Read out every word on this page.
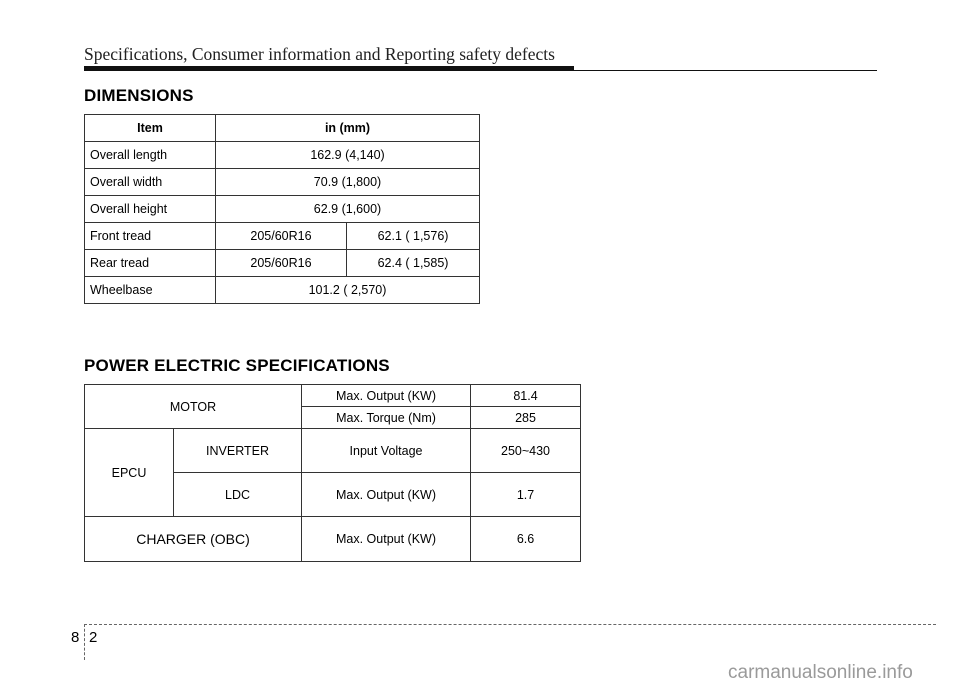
Specifications, Consumer information and Reporting safety defects
DIMENSIONS
Item	in (mm)	
Overall length	162.9 (4,140)	
Overall width	70.9 (1,800)	
Overall height	62.9 (1,600)	
Front tread	205/60R16	62.1 ( 1,576)
Rear tread	205/60R16	62.4 ( 1,585)
Wheelbase	101.2 ( 2,570)	
POWER ELECTRIC SPECIFICATIONS
MOTOR		Max. Output (KW)	81.4
		Max. Torque (Nm)	285
EPCU	INVERTER	Input Voltage	250~430
	LDC	Max. Output (KW)	1.7
CHARGER (OBC)		Max. Output (KW)	6.6
8 2
carmanualsonline.info
